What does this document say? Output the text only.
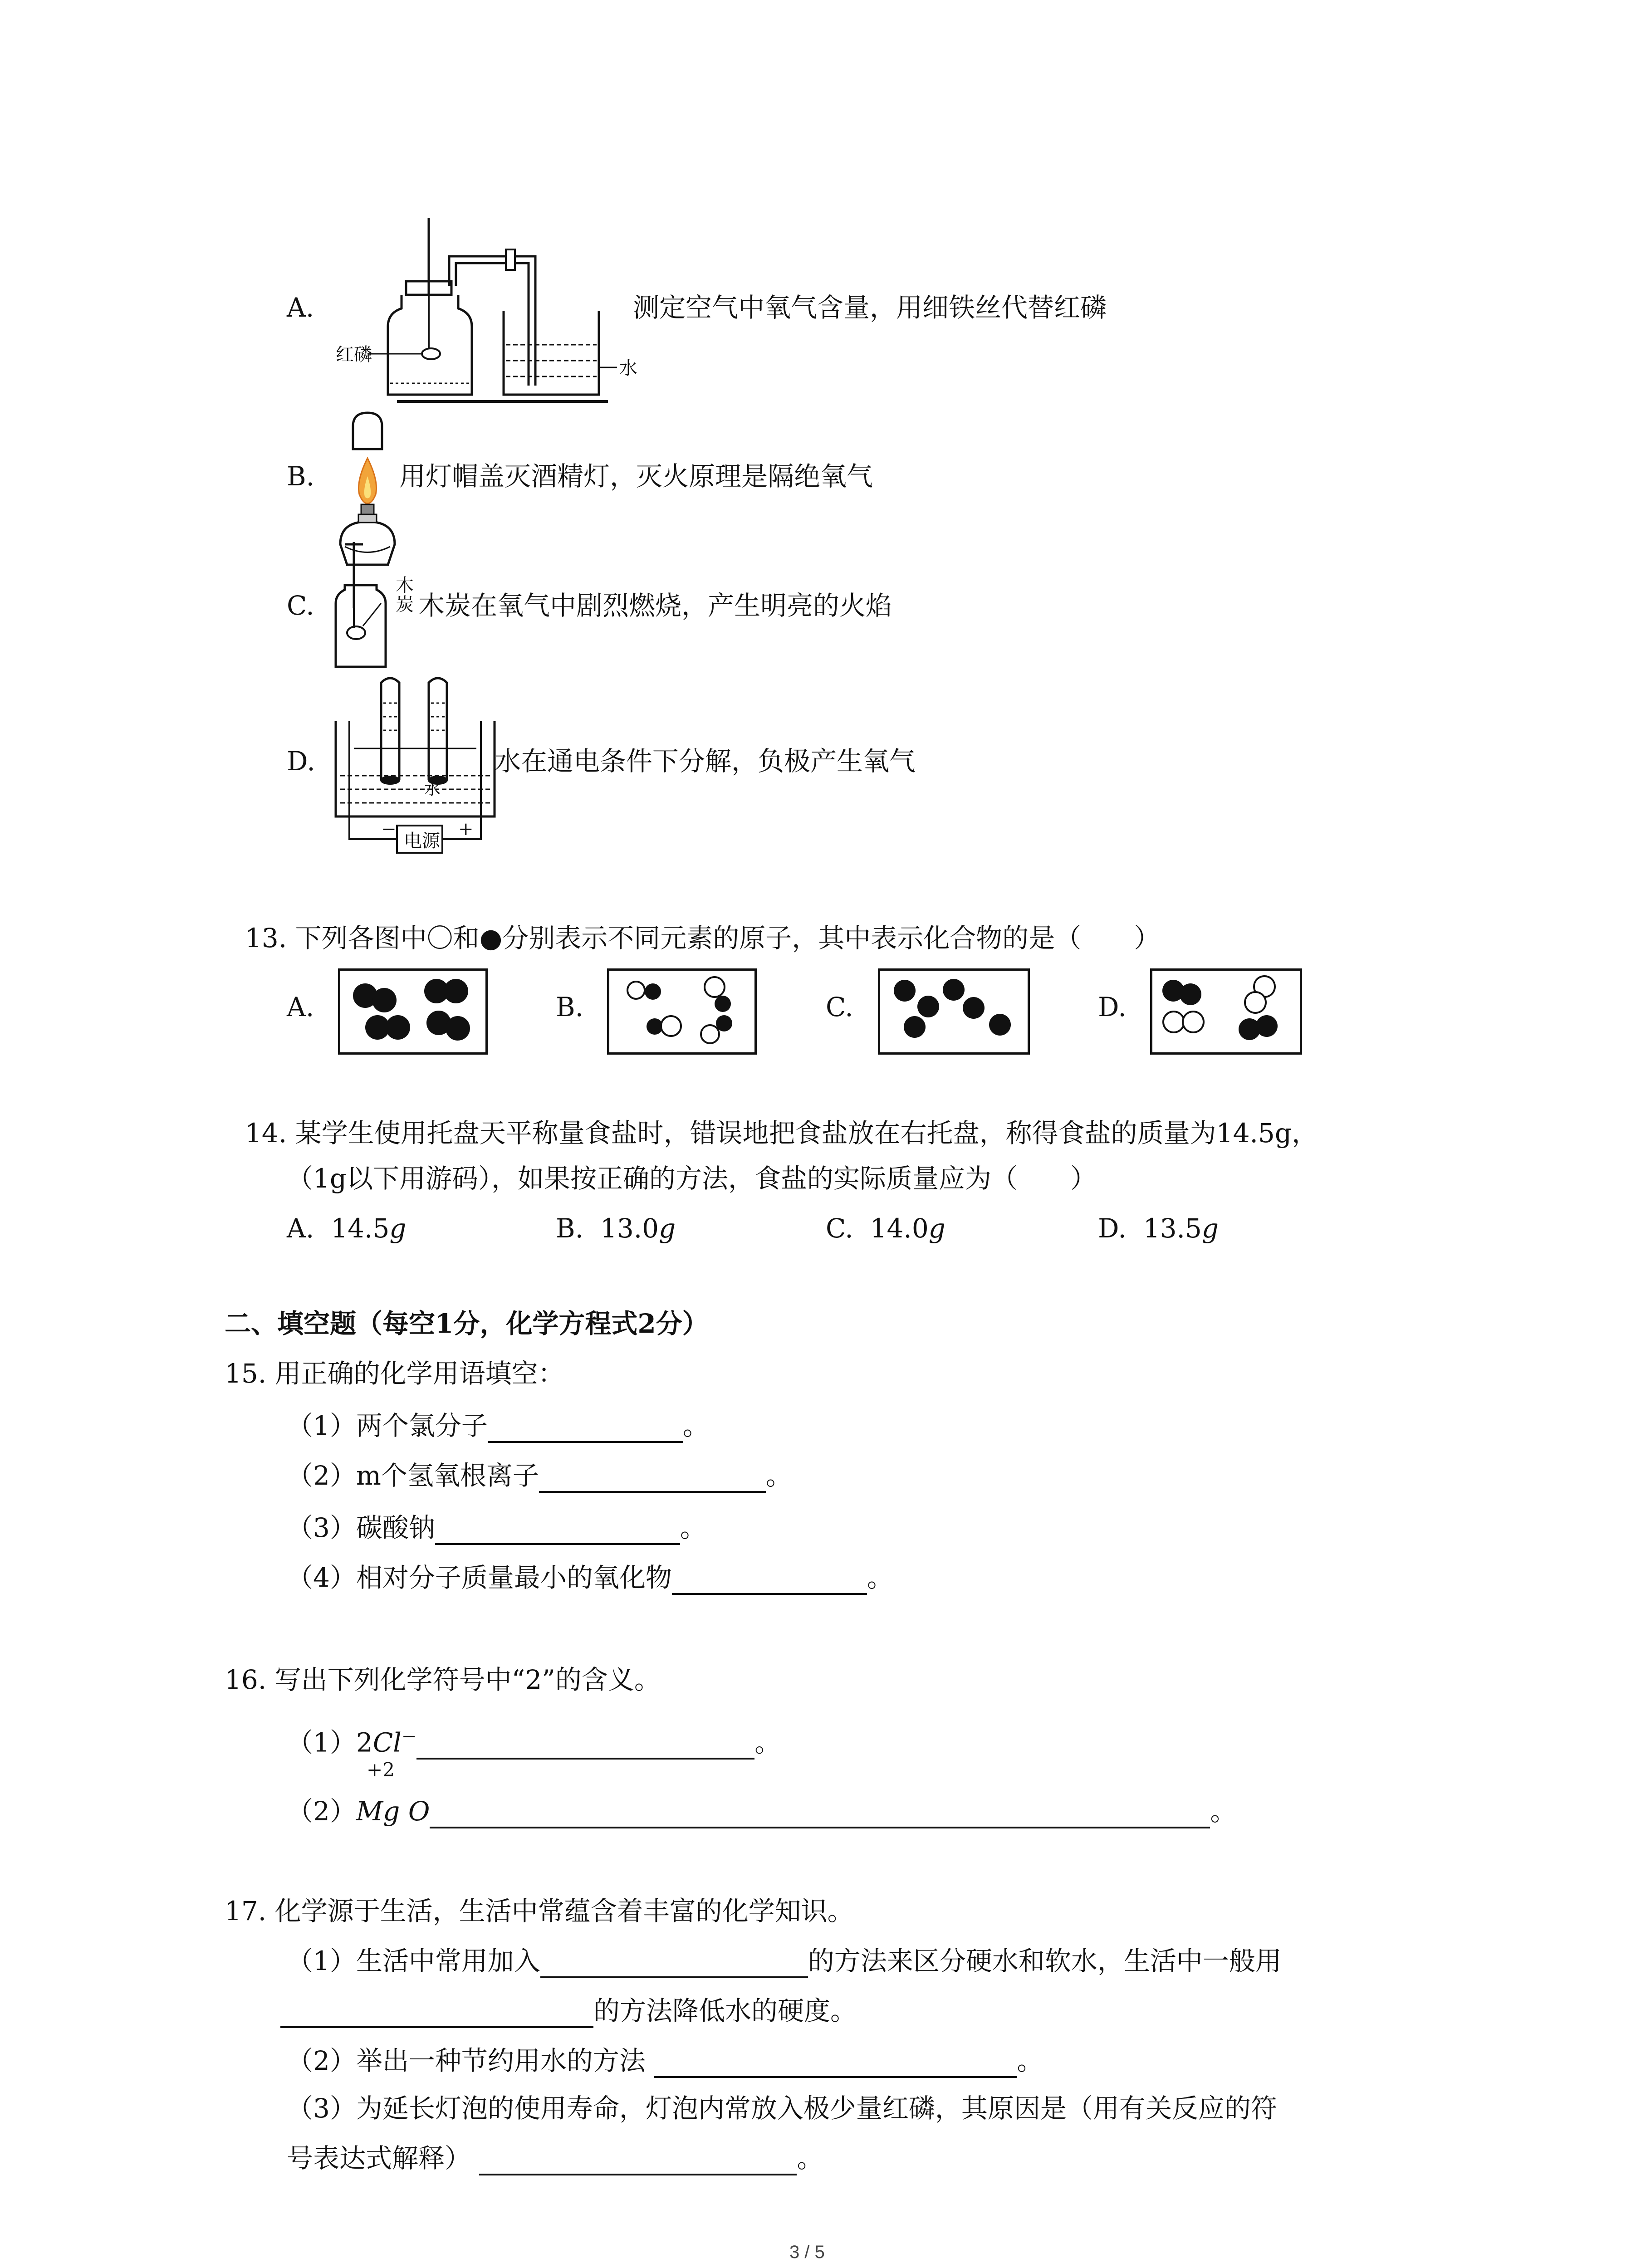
A.
红磷
水
测定空气中氧气含量，用细铁丝代替红磷
B.	用灯帽盖灭酒精灯，灭火原理是隔绝氧气
C.
木
炭 木炭在氧气中剧烈燃烧，产生明亮的火焰
D.
水
电源
−	+
水在通电条件下分解，负极产生氧气
13. 下列各图中〇和●分别表示不同元素的原子，其中表示化合物的是（　　）
A.	B.	C.	D.
14. 某学生使用托盘天平称量食盐时，错误地把食盐放在右托盘，称得食盐的质量为14.5g，
（1g以下用游码），如果按正确的方法，食盐的实际质量应为（　　）
A. 14.5g	B. 13.0g	C. 14.0g	D. 13.5g
二、填空题（每空1分，化学方程式2分）
15. 用正确的化学用语填空：
（1）两个氯分子	。
（2）m个氢氧根离子	。
（3）碳酸钠	。
（4）相对分子质量最小的氧化物	。
16. 写出下列化学符号中“2”的含义。
（1）2Cl−	。
+2
（2）Mg O	。
17. 化学源于生活，生活中常蕴含着丰富的化学知识。
（1）生活中常用加入	的方法来区分硬水和软水，生活中一般用
的方法降低水的硬度。
（2）举出一种节约用水的方法	。
（3）为延长灯泡的使用寿命，灯泡内常放入极少量红磷，其原因是（用有关反应的符
号表达式解释）	。
3 / 5
